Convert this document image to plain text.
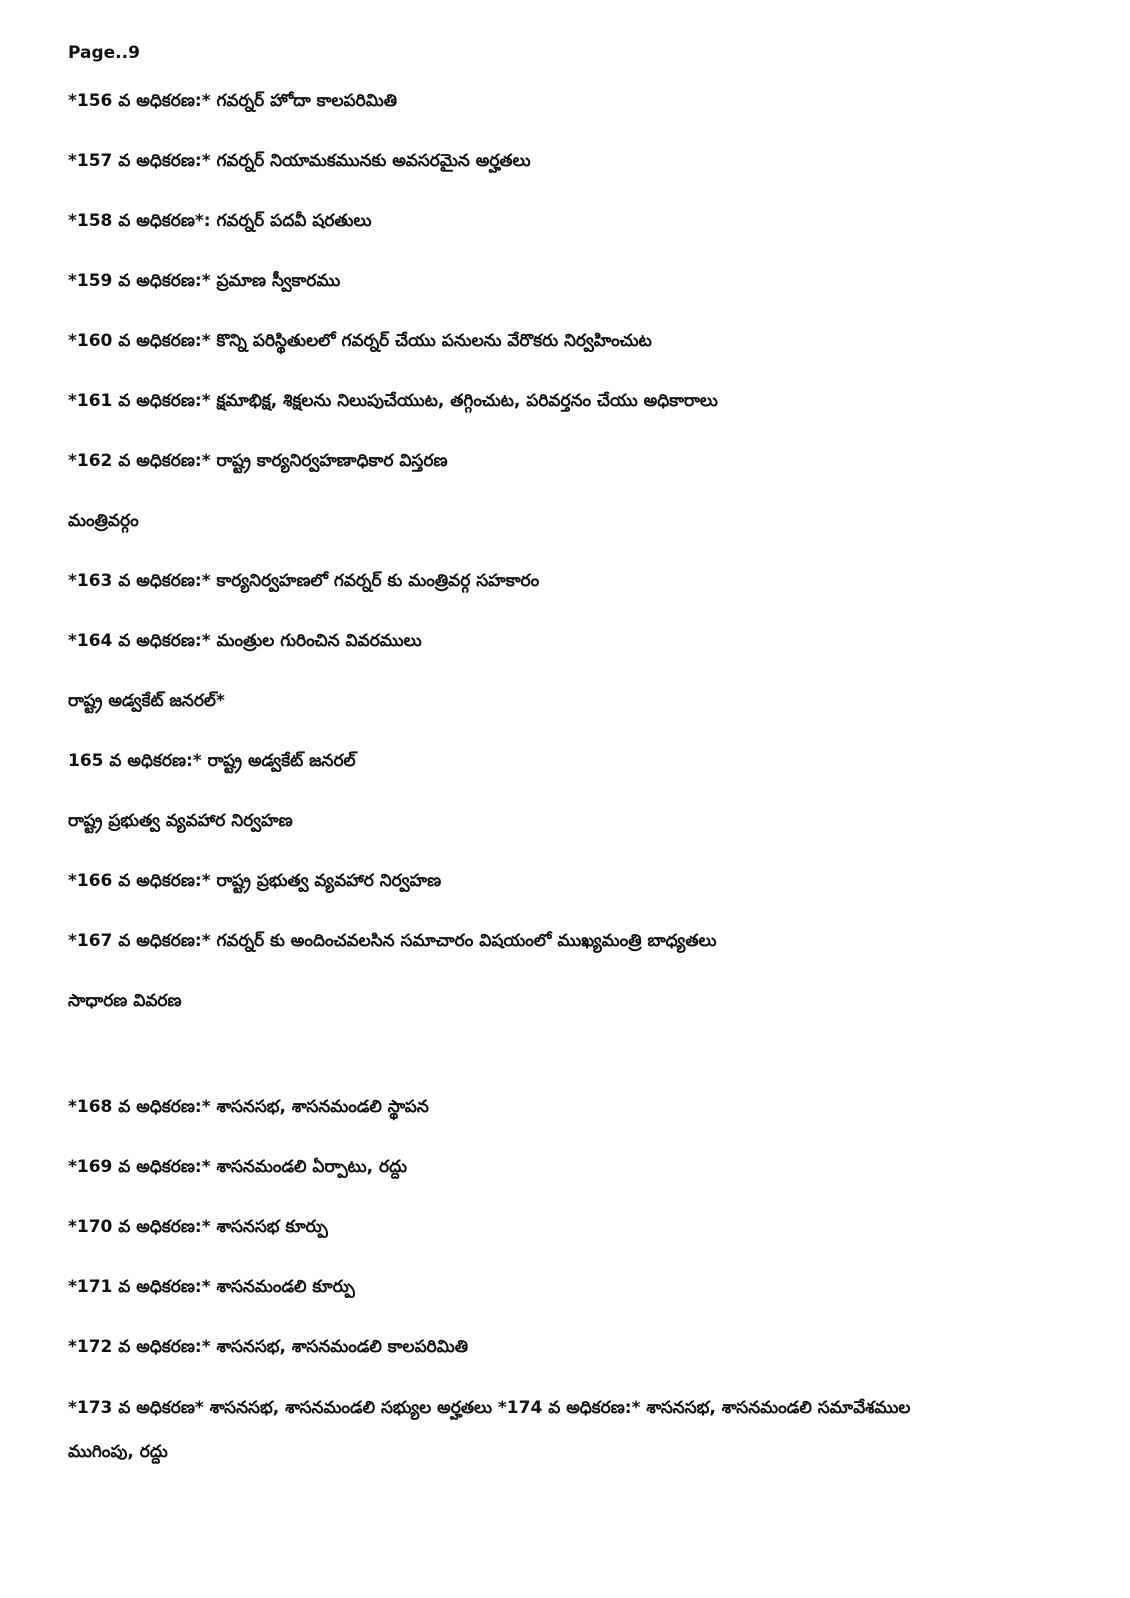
Page..9
*156 వ అధికరణ:* గవర్నర్ హోదా కాలపరిమితి
*157 వ అధికరణ:* గవర్నర్ నియామకమునకు అవసరమైన అర్హతలు
*158 వ అధికరణ*: గవర్నర్ పదవీ షరతులు
*159 వ అధికరణ:* ప్రమాణ స్వీకారము
*160 వ అధికరణ:* కొన్ని పరిస్థితులలో గవర్నర్ చేయు పనులను వేరొకరు నిర్వహించుట
*161 వ అధికరణ:* క్షమాభిక్ష, శిక్షలను నిలుపుచేయుట, తగ్గించుట, పరివర్తనం చేయు అధికారాలు
*162 వ అధికరణ:* రాష్ట్ర కార్యనిర్వహణాధికార విస్తరణ
మంత్రివర్గం
*163 వ అధికరణ:* కార్యనిర్వహణలో గవర్నర్ కు మంత్రివర్గ సహకారం
*164 వ అధికరణ:* మంత్రుల గురించిన వివరములు
రాష్ట్ర అడ్వకేట్ జనరల్*
165 వ అధికరణ:* రాష్ట్ర అడ్వకేట్ జనరల్
రాష్ట్ర ప్రభుత్వ వ్యవహార నిర్వహణ
*166 వ అధికరణ:* రాష్ట్ర ప్రభుత్వ వ్యవహార నిర్వహణ
*167 వ అధికరణ:* గవర్నర్ కు అందించవలసిన సమాచారం విషయంలో ముఖ్యమంత్రి బాధ్యతలు
సాధారణ వివరణ
*168 వ అధికరణ:* శాసనసభ, శాసనమండలి స్థాపన
*169 వ అధికరణ:* శాసనమండలి ఏర్పాటు, రద్దు
*170 వ అధికరణ:* శాసనసభ కూర్పు
*171 వ అధికరణ:* శాసనమండలి కూర్పు
*172 వ అధికరణ:* శాసనసభ, శాసనమండలి కాలపరిమితి
*173 వ అధికరణ* శాసనసభ, శాసనమండలి సభ్యుల అర్హతలు *174 వ అధికరణ:* శాసనసభ, శాసనమండలి సమావేశముల
ముగింపు, రద్దు
